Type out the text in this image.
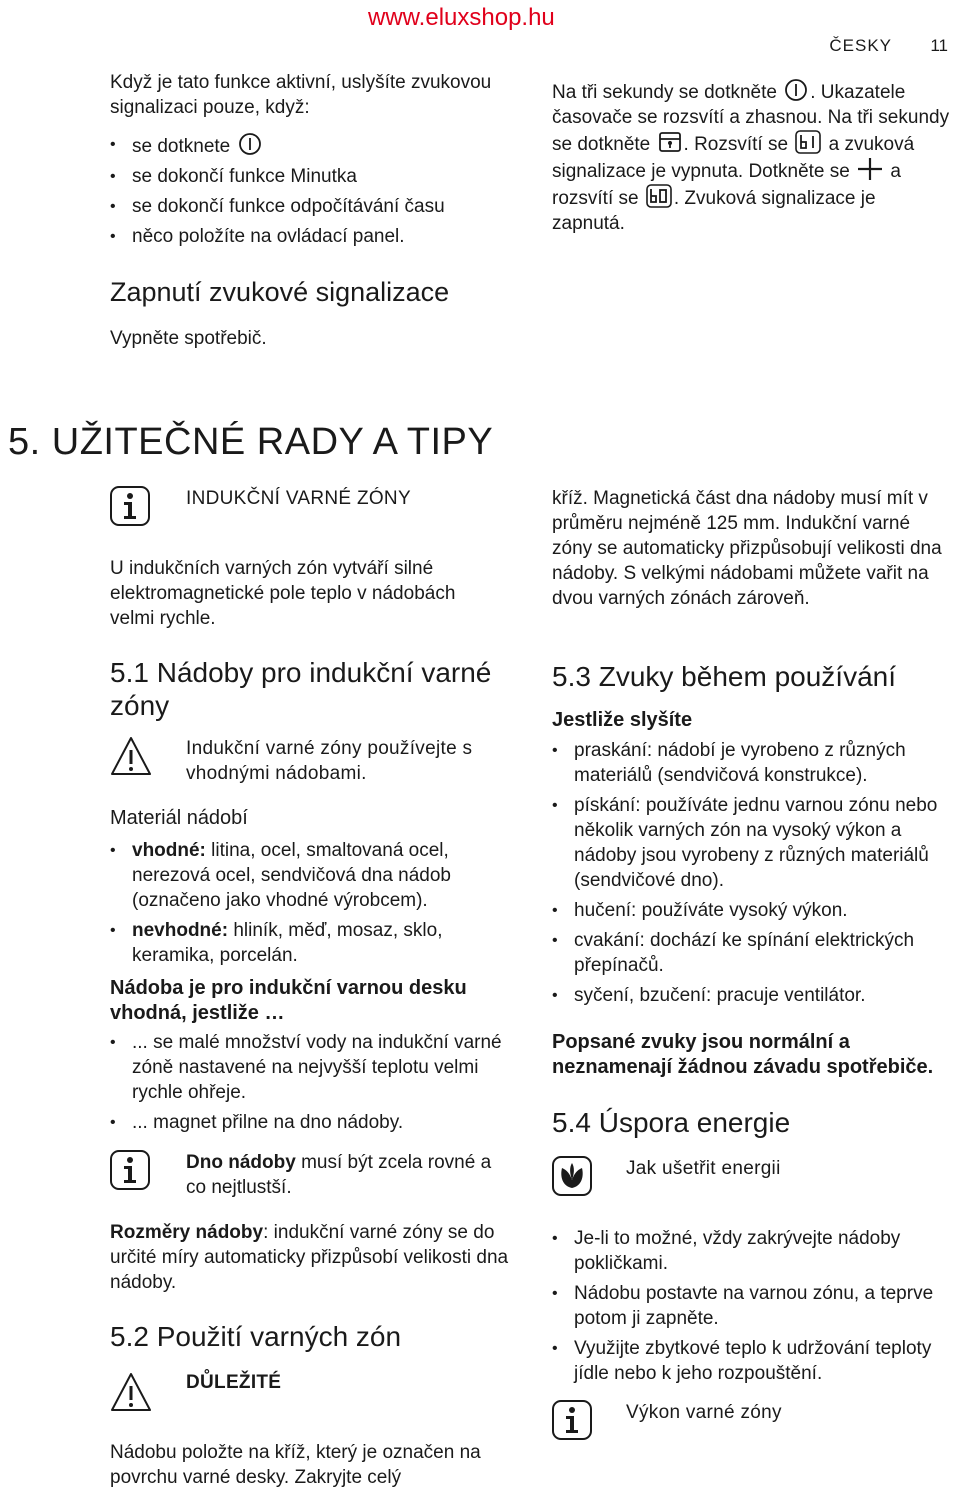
www.eluxshop.hu
ČESKY 11
Když je tato funkce aktivní, uslyšíte zvukovou signalizaci pouze, když:
• se dotknete
• se dokončí funkce Minutka
• se dokončí funkce odpočítávání času
• něco položíte na ovládací panel.
Na tři sekundy se dotkněte . Ukazatele časovače se rozsvítí a zhasnou. Na tři sekundy se dotkněte . Rozsvítí se a zvuková signalizace je vypnuta. Dotkněte se a rozsvítí se . Zvuková signalizace je zapnutá.
Zapnutí zvukové signalizace
Vypněte spotřebič.
5. UŽITEČNÉ RADY A TIPY
INDUKČNÍ VARNÉ ZÓNY
U indukčních varných zón vytváří silné elektromagnetické pole teplo v nádobách velmi rychle.
5.1 Nádoby pro indukční varné zóny
Indukční varné zóny používejte s vhodnými nádobami.
Materiál nádobí
• vhodné: litina, ocel, smaltovaná ocel, nerezová ocel, sendvičová dna nádob (označeno jako vhodné výrobcem).
• nevhodné: hliník, měď, mosaz, sklo, keramika, porcelán.
Nádoba je pro indukční varnou desku vhodná, jestliže …
• ... se malé množství vody na indukční varné zóně nastavené na nejvyšší teplotu velmi rychle ohřeje.
• ... magnet přilne na dno nádoby.
Dno nádoby musí být zcela rovné a co nejtlustší.
Rozměry nádoby: indukční varné zóny se do určité míry automaticky přizpůsobí velikosti dna nádoby.
5.2 Použití varných zón
DŮLEŽITÉ
Nádobu položte na kříž, který je označen na povrchu varné desky. Zakryjte celý
kříž. Magnetická část dna nádoby musí mít v průměru nejméně 125 mm. Indukční varné zóny se automaticky přizpůsobují velikosti dna nádoby. S velkými nádobami můžete vařit na dvou varných zónách zároveň.
5.3 Zvuky během používání
Jestliže slyšíte
• praskání: nádobí je vyrobeno z různých materiálů (sendvičová konstrukce).
• pískání: používáte jednu varnou zónu nebo několik varných zón na vysoký výkon a nádoby jsou vyrobeny z různých materiálů (sendvičové dno).
• hučení: používáte vysoký výkon.
• cvakání: dochází ke spínání elektrických přepínačů.
• syčení, bzučení: pracuje ventilátor.
Popsané zvuky jsou normální a neznamenají žádnou závadu spotřebiče.
5.4 Úspora energie
Jak ušetřit energii
• Je-li to možné, vždy zakrývejte nádoby pokličkami.
• Nádobu postavte na varnou zónu, a teprve potom ji zapněte.
• Využijte zbytkové teplo k udržování teploty jídle nebo k jeho rozpouštění.
Výkon varné zóny
